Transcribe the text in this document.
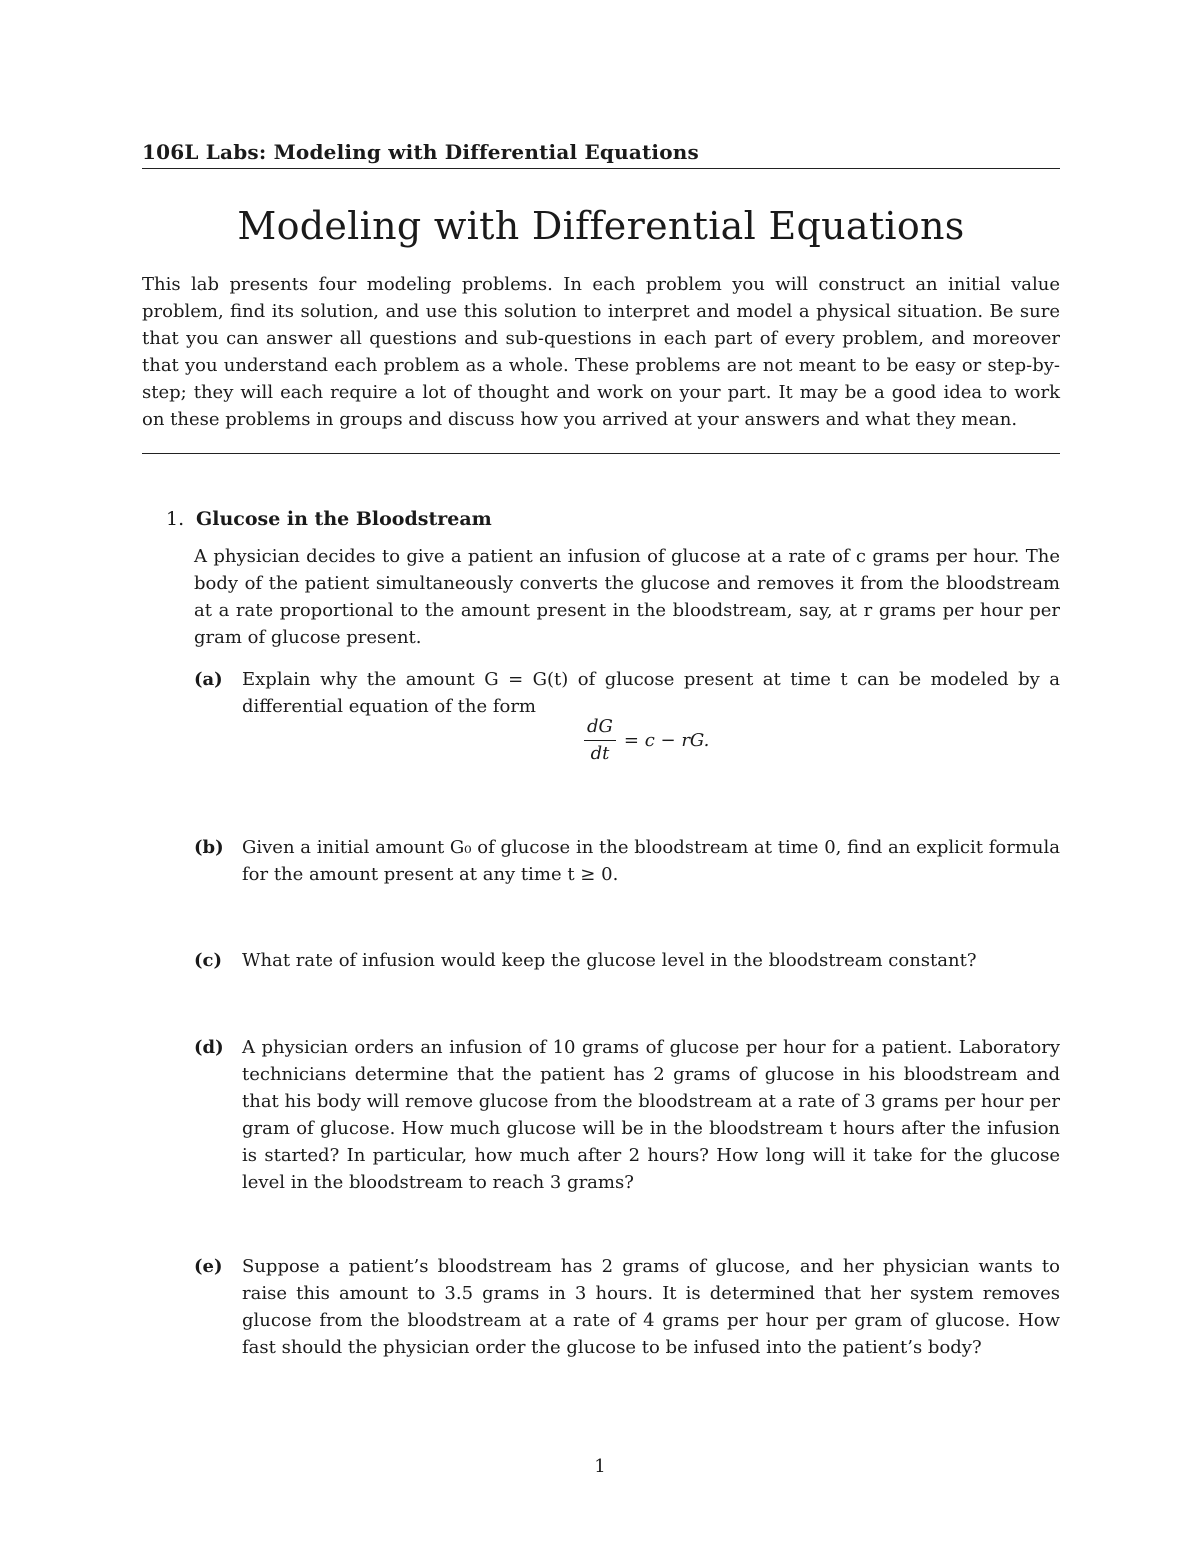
106L Labs: Modeling with Differential Equations
Modeling with Differential Equations

This lab presents four modeling problems. In each problem you will construct an initial value problem, find its solution, and use this solution to interpret and model a physical situation. Be sure that you can answer all questions and sub-questions in each part of every problem, and moreover that you understand each problem as a whole. These problems are not meant to be easy or step-by-step; they will each require a lot of thought and work on your part. It may be a good idea to work on these problems in groups and discuss how you arrived at your answers and what they mean.

1. Glucose in the Bloodstream

A physician decides to give a patient an infusion of glucose at a rate of c grams per hour. The body of the patient simultaneously converts the glucose and removes it from the bloodstream at a rate proportional to the amount present in the bloodstream, say, at r grams per hour per gram of glucose present.

(a) Explain why the amount G = G(t) of glucose present at time t can be modeled by a differential equation of the form
$\frac{dG}{dt} = c$ − rG.
(b) Given a initial amount G₀ of glucose in the bloodstream at time 0, find an explicit formula for the amount present at any time t ≥ 0.
(c) What rate of infusion would keep the glucose level in the bloodstream constant?
(d) A physician orders an infusion of 10 grams of glucose per hour for a patient. Laboratory technicians determine that the patient has 2 grams of glucose in his bloodstream and that his body will remove glucose from the bloodstream at a rate of 3 grams per hour per gram of glucose. How much glucose will be in the bloodstream t hours after the infusion is started? In particular, how much after 2 hours? How long will it take for the glucose level in the bloodstream to reach 3 grams?
(e) Suppose a patient’s bloodstream has 2 grams of glucose, and her physician wants to raise this amount to 3.5 grams in 3 hours. It is determined that her system removes glucose from the bloodstream at a rate of 4 grams per hour per gram of glucose. How fast should the physician order the glucose to be infused into the patient’s body?
1
